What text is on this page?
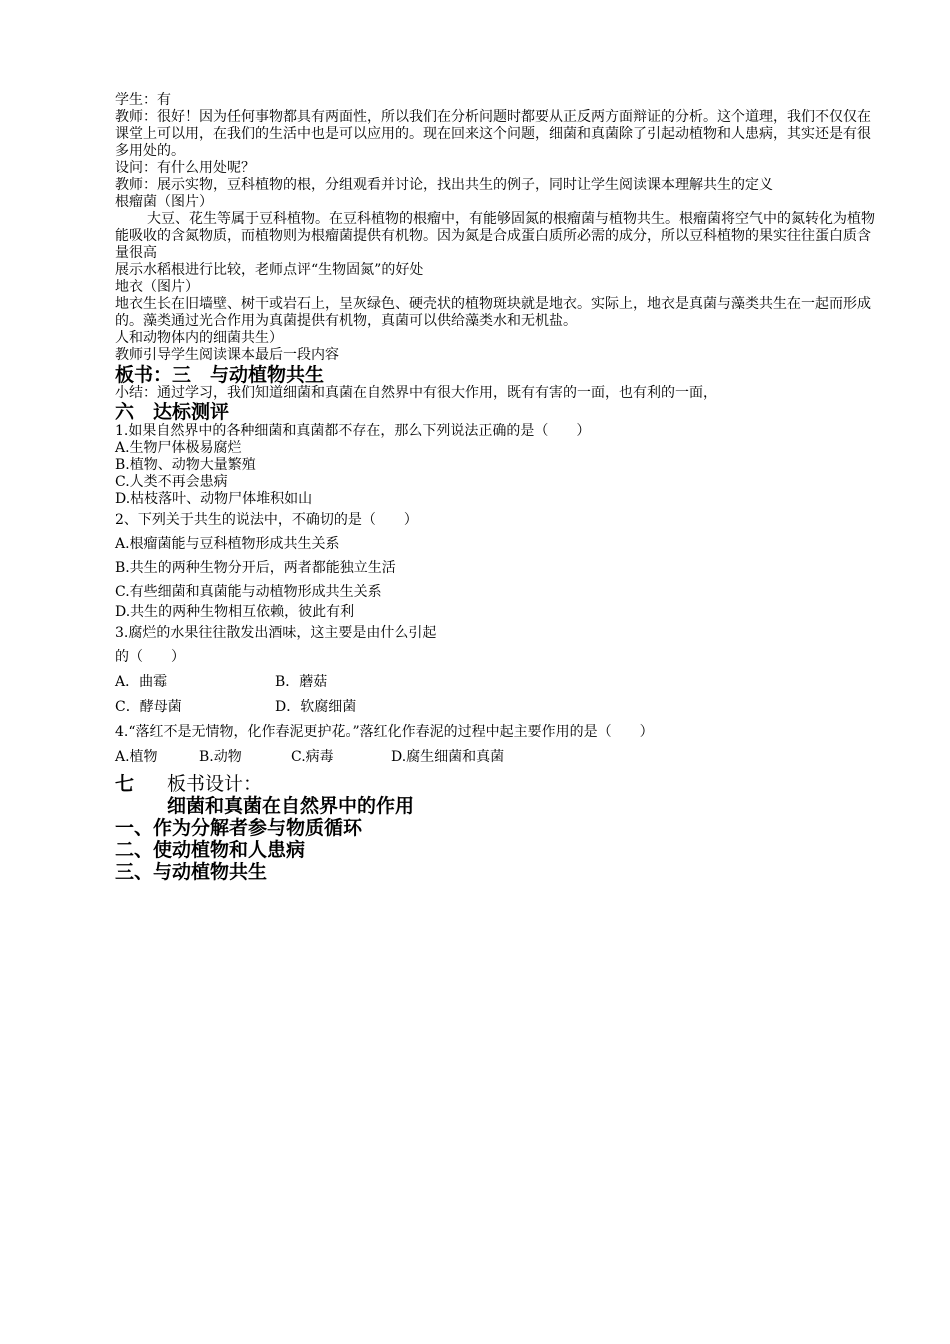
学生：有
教师：很好！因为任何事物都具有两面性，所以我们在分析问题时都要从正反两方面辩证的分析。这个道理，我们不仅仅在课堂上可以用，在我们的生活中也是可以应用的。现在回来这个问题，细菌和真菌除了引起动植物和人患病，其实还是有很多用处的。
设问：有什么用处呢？
教师：展示实物，豆科植物的根，分组观看并讨论，找出共生的例子，同时让学生阅读课本理解共生的定义
根瘤菌（图片）
大豆、花生等属于豆科植物。在豆科植物的根瘤中，有能够固氮的根瘤菌与植物共生。根瘤菌将空气中的氮转化为植物能吸收的含氮物质，而植物则为根瘤菌提供有机物。因为氮是合成蛋白质所必需的成分，所以豆科植物的果实往往蛋白质含量很高
展示水稻根进行比较，老师点评“生物固氮”的好处
地衣（图片）
地衣生长在旧墙壁、树干或岩石上，呈灰绿色、硬壳状的植物斑块就是地衣。实际上，地衣是真菌与藻类共生在一起而形成的。藻类通过光合作用为真菌提供有机物，真菌可以供给藻类水和无机盐。
人和动物体内的细菌共生）
教师引导学生阅读课本最后一段内容
板书：三　与动植物共生
小结：通过学习，我们知道细菌和真菌在自然界中有很大作用，既有有害的一面，也有利的一面，
六　达标测评
1.如果自然界中的各种细菌和真菌都不存在，那么下列说法正确的是（　　）
A.生物尸体极易腐烂
B.植物、动物大量繁殖
C.人类不再会患病
D.枯枝落叶、动物尸体堆积如山
2、下列关于共生的说法中，不确切的是（　　）
A.根瘤菌能与豆科植物形成共生关系
B.共生的两种生物分开后，两者都能独立生活
C.有些细菌和真菌能与动植物形成共生关系
D.共生的两种生物相互依赖，彼此有利
3.腐烂的水果往往散发出酒味，这主要是由什么引起
的（　　）
A．曲霉	B．蘑菇
C．酵母菌	D．软腐细菌
4.“落红不是无情物，化作春泥更护花。”落红化作春泥的过程中起主要作用的是（　　）
A.植物	B.动物	C.病毒	D.腐生细菌和真菌
七 板书设计：
细菌和真菌在自然界中的作用
一、作为分解者参与物质循环
二、使动植物和人患病
三、与动植物共生
